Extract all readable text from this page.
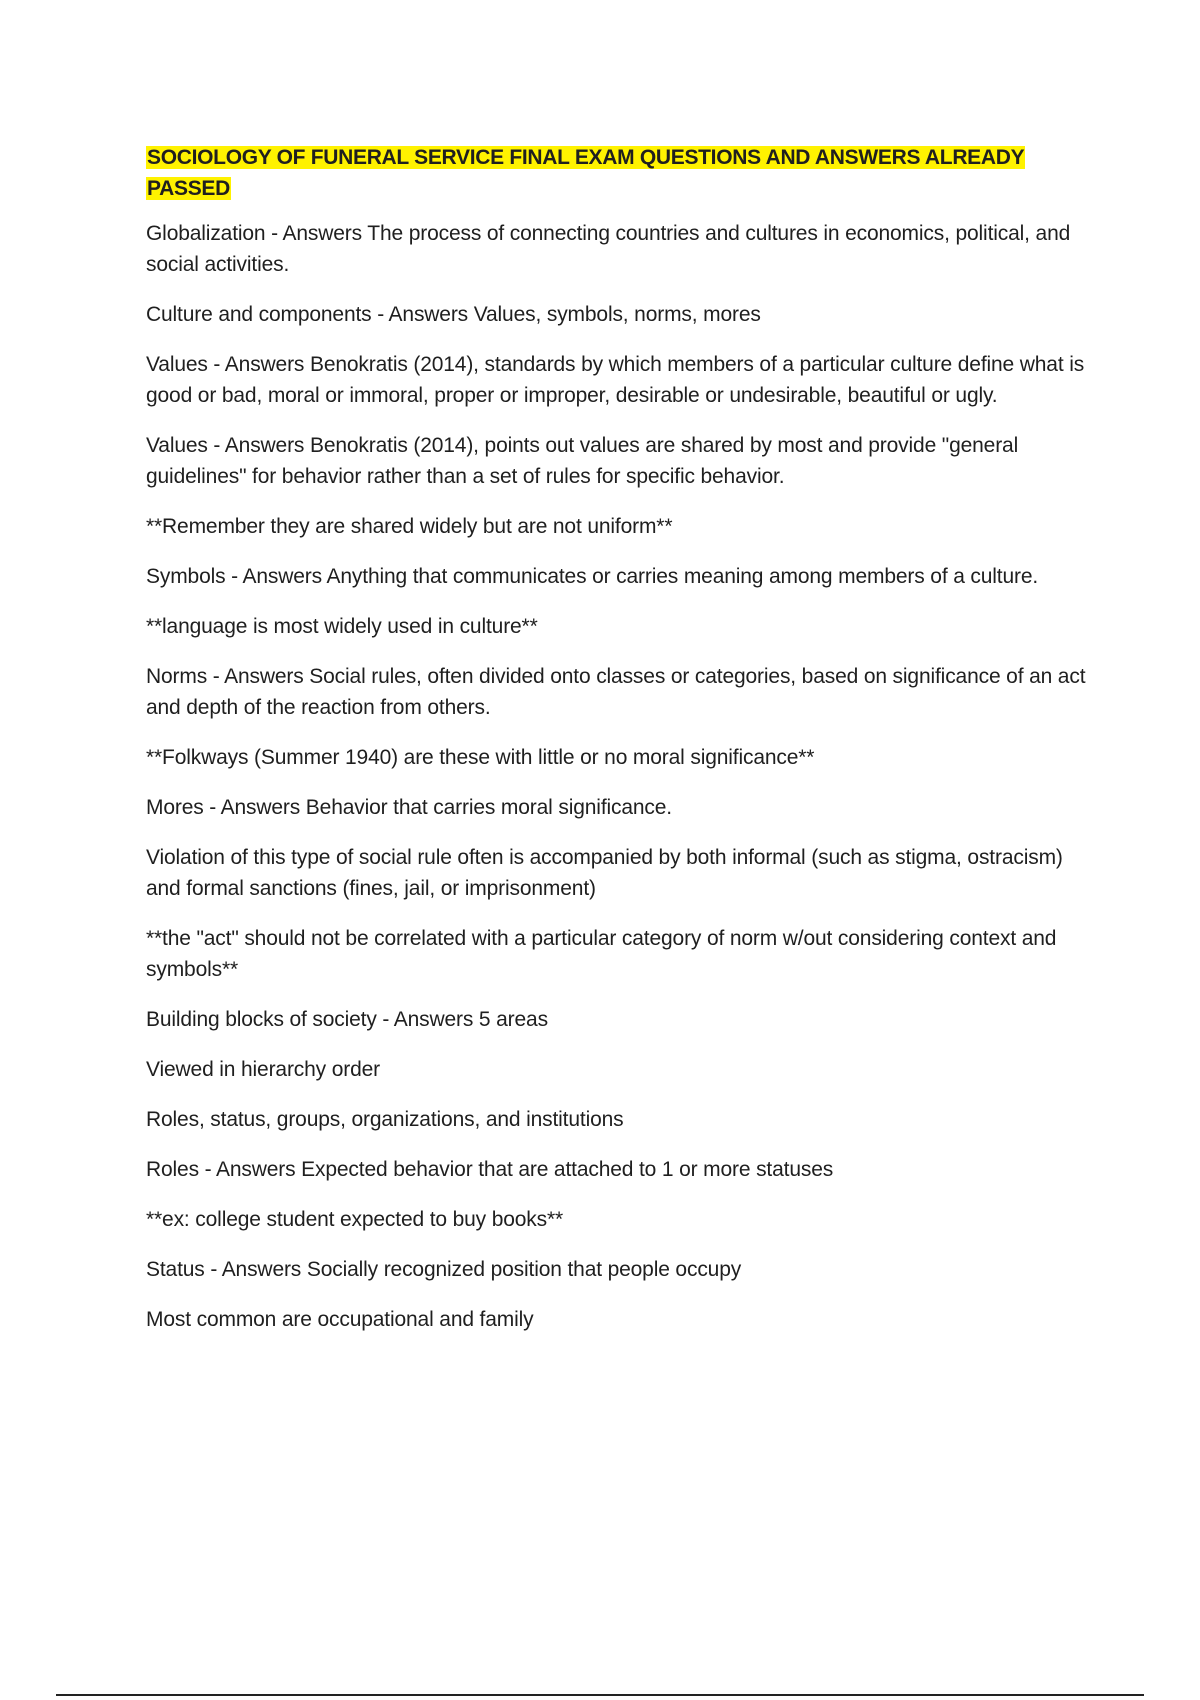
SOCIOLOGY OF FUNERAL SERVICE FINAL EXAM QUESTIONS AND ANSWERS ALREADY PASSED

Globalization - Answers The process of connecting countries and cultures in economics, political, and social activities.

Culture and components - Answers Values, symbols, norms, mores

Values - Answers Benokratis (2014), standards by which members of a particular culture define what is good or bad, moral or immoral, proper or improper, desirable or undesirable, beautiful or ugly.

Values - Answers Benokratis (2014), points out values are shared by most and provide "general guidelines" for behavior rather than a set of rules for specific behavior.

**Remember they are shared widely but are not uniform**

Symbols - Answers Anything that communicates or carries meaning among members of a culture.

**language is most widely used in culture**

Norms - Answers Social rules, often divided onto classes or categories, based on significance of an act and depth of the reaction from others.

**Folkways (Summer 1940) are these with little or no moral significance**

Mores - Answers Behavior that carries moral significance.

Violation of this type of social rule often is accompanied by both informal (such as stigma, ostracism) and formal sanctions (fines, jail, or imprisonment)

**the "act" should not be correlated with a particular category of norm w/out considering context and symbols**

Building blocks of society - Answers 5 areas

Viewed in hierarchy order

Roles, status, groups, organizations, and institutions

Roles - Answers Expected behavior that are attached to 1 or more statuses

**ex: college student expected to buy books**

Status - Answers Socially recognized position that people occupy

Most common are occupational and family
